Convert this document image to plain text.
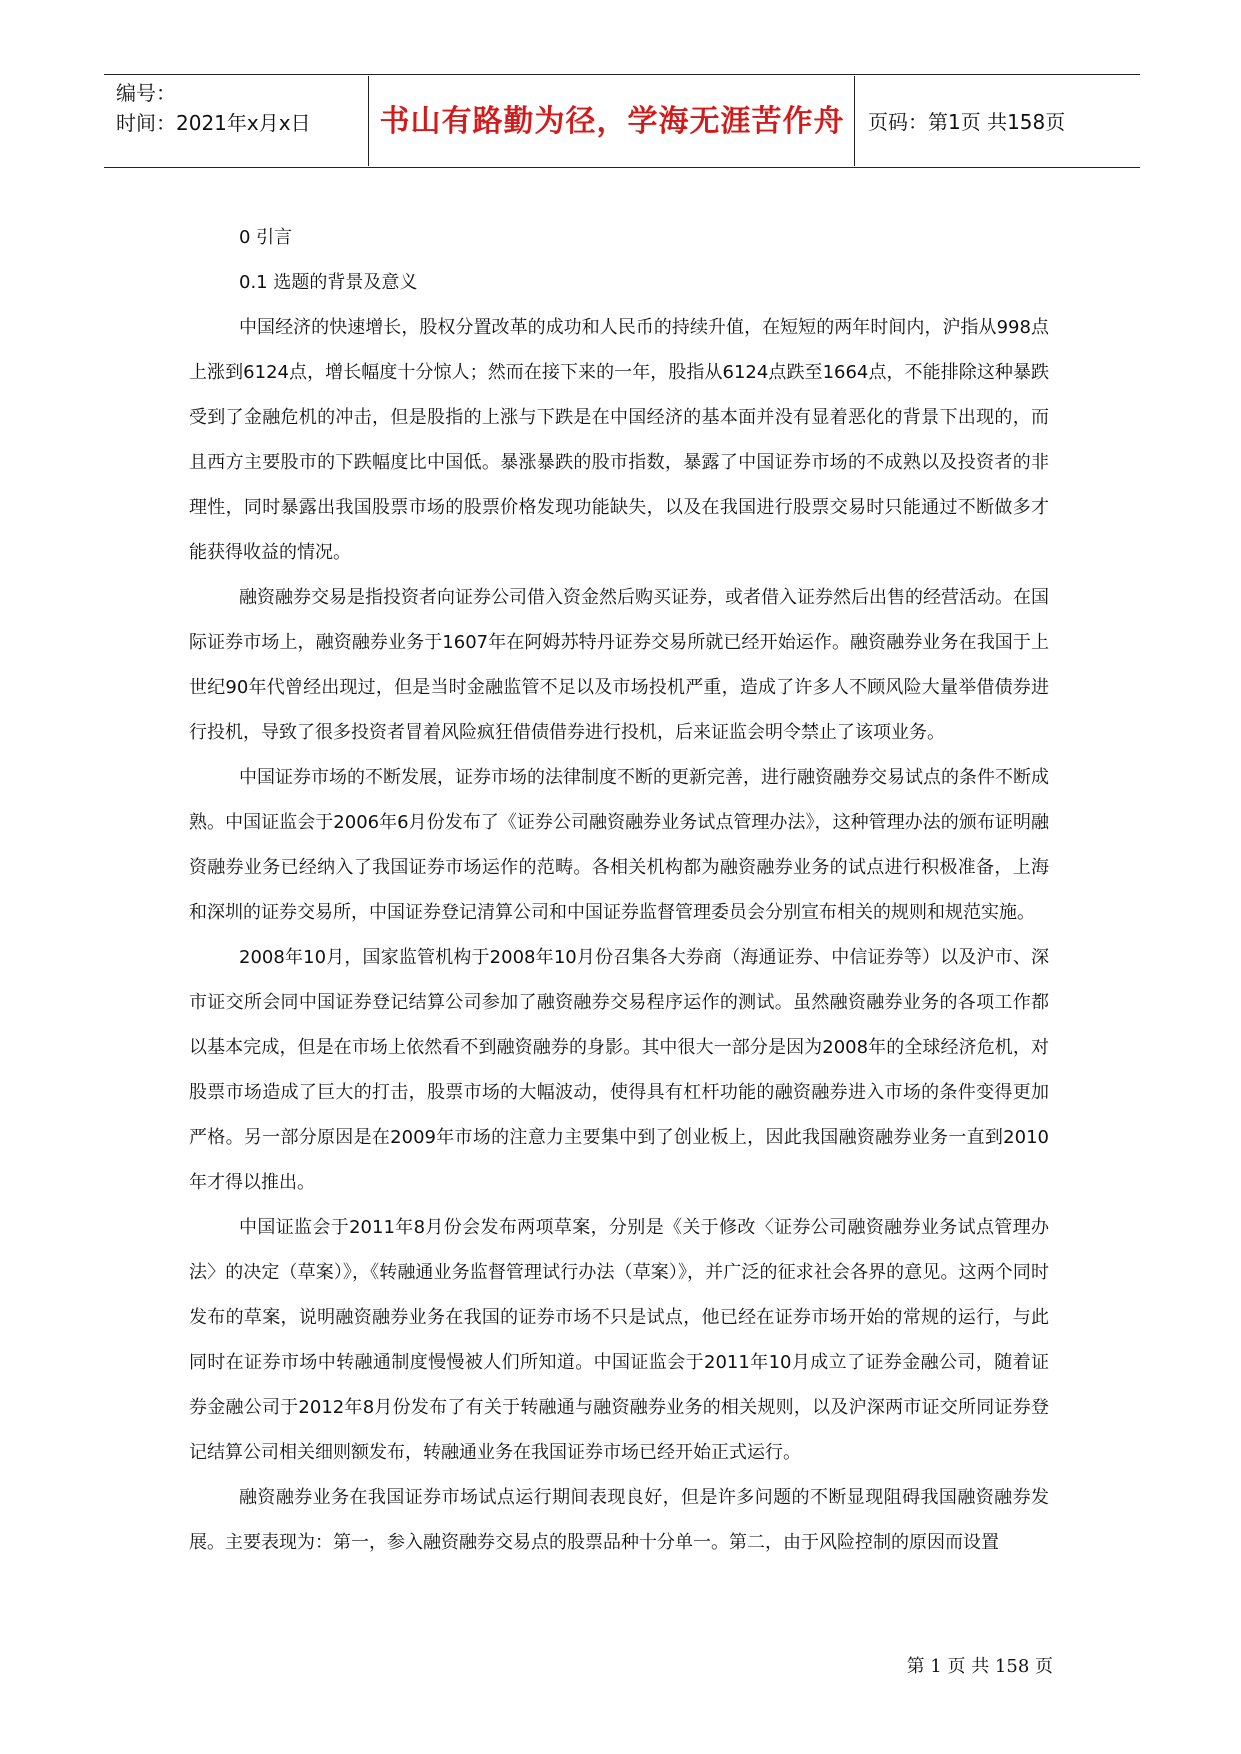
编号：
时间：2021年x月x日	书山有路勤为径，学海无涯苦作舟	页码：第1页 共158页
0 引言
0.1 选题的背景及意义

中国经济的快速增长，股权分置改革的成功和人民币的持续升值，在短短的两年时间内，沪指从998点上涨到6124点，增长幅度十分惊人；然而在接下来的一年，股指从6124点跌至1664点，不能排除这种暴跌受到了金融危机的冲击，但是股指的上涨与下跌是在中国经济的基本面并没有显着恶化的背景下出现的，而且西方主要股市的下跌幅度比中国低。暴涨暴跌的股市指数，暴露了中国证券市场的不成熟以及投资者的非理性，同时暴露出我国股票市场的股票价格发现功能缺失，以及在我国进行股票交易时只能通过不断做多才能获得收益的情况。

融资融券交易是指投资者向证券公司借入资金然后购买证券，或者借入证券然后出售的经营活动。在国际证券市场上，融资融券业务于1607年在阿姆苏特丹证券交易所就已经开始运作。融资融券业务在我国于上世纪90年代曾经出现过，但是当时金融监管不足以及市场投机严重，造成了许多人不顾风险大量举借债券进行投机，导致了很多投资者冒着风险疯狂借债借券进行投机，后来证监会明令禁止了该项业务。

中国证券市场的不断发展，证券市场的法律制度不断的更新完善，进行融资融券交易试点的条件不断成熟。中国证监会于2006年6月份发布了《证券公司融资融券业务试点管理办法》，这种管理办法的颁布证明融资融券业务已经纳入了我国证券市场运作的范畴。各相关机构都为融资融券业务的试点进行积极准备，上海和深圳的证券交易所，中国证券登记清算公司和中国证券监督管理委员会分别宣布相关的规则和规范实施。

2008年10月，国家监管机构于2008年10月份召集各大券商（海通证券、中信证券等）以及沪市、深市证交所会同中国证券登记结算公司参加了融资融券交易程序运作的测试。虽然融资融券业务的各项工作都以基本完成，但是在市场上依然看不到融资融券的身影。其中很大一部分是因为2008年的全球经济危机，对股票市场造成了巨大的打击，股票市场的大幅波动，使得具有杠杆功能的融资融券进入市场的条件变得更加严格。另一部分原因是在2009年市场的注意力主要集中到了创业板上，因此我国融资融券业务一直到2010年才得以推出。

中国证监会于2011年8月份会发布两项草案，分别是《关于修改〈证券公司融资融券业务试点管理办法〉的决定（草案）》，《转融通业务监督管理试行办法（草案）》，并广泛的征求社会各界的意见。这两个同时发布的草案，说明融资融券业务在我国的证券市场不只是试点，他已经在证券市场开始的常规的运行，与此同时在证券市场中转融通制度慢慢被人们所知道。中国证监会于2011年10月成立了证券金融公司，随着证券金融公司于2012年8月份发布了有关于转融通与融资融券业务的相关规则，以及沪深两市证交所同证券登记结算公司相关细则额发布，转融通业务在我国证券市场已经开始正式运行。

融资融券业务在我国证券市场试点运行期间表现良好，但是许多问题的不断显现阻碍我国融资融券发展。主要表现为：第一，参入融资融券交易点的股票品种十分单一。第二，由于风险控制的原因而设置

第 1 页 共 158 页
